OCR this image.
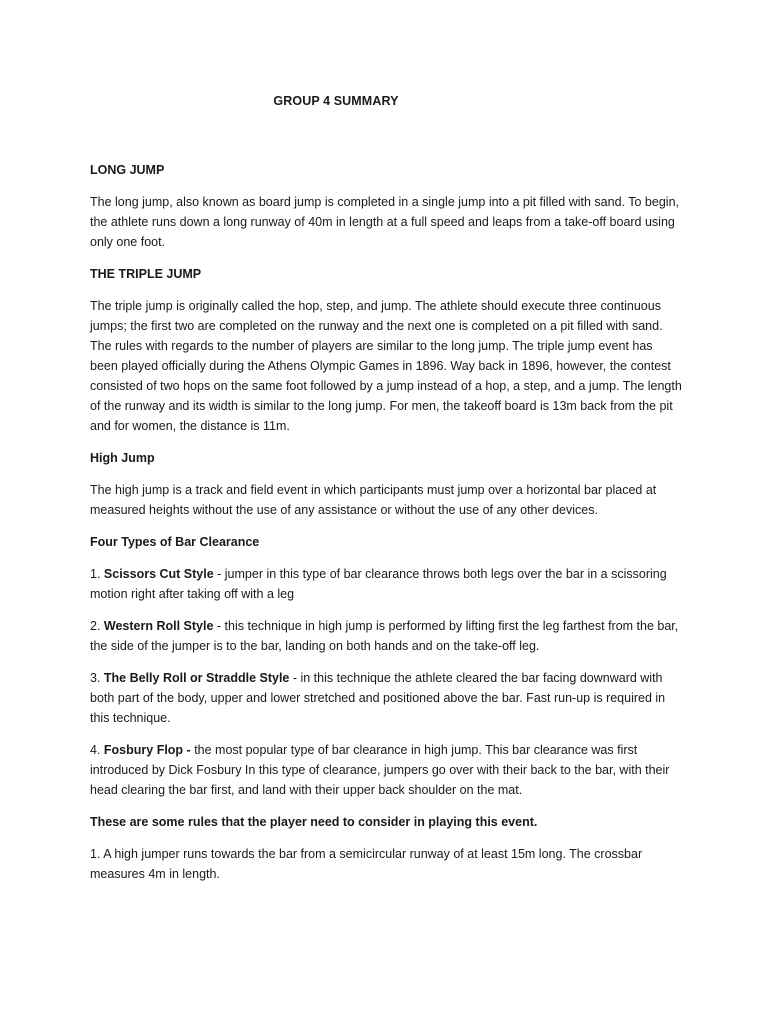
GROUP 4 SUMMARY
LONG JUMP
The long jump, also known as board jump is completed in a single jump into a pit filled with sand. To begin, the athlete runs down a long runway of 40m in length at a full speed and leaps from a take-off board using only one foot.
THE TRIPLE JUMP
The triple jump is originally called the hop, step, and jump. The athlete should execute three continuous jumps; the first two are completed on the runway and the next one is completed on a pit filled with sand. The rules with regards to the number of players are similar to the long jump. The triple jump event has been played officially during the Athens Olympic Games in 1896. Way back in 1896, however, the contest consisted of two hops on the same foot followed by a jump instead of a hop, a step, and a jump. The length of the runway and its width is similar to the long jump. For men, the takeoff board is 13m back from the pit and for women, the distance is 11m.
High Jump
The high jump is a track and field event in which participants must jump over a horizontal bar placed at measured heights without the use of any assistance or without the use of any other devices.
Four Types of Bar Clearance
1. Scissors Cut Style - jumper in this type of bar clearance throws both legs over the bar in a scissoring motion right after taking off with a leg
2. Western Roll Style - this technique in high jump is performed by lifting first the leg farthest from the bar, the side of the jumper is to the bar, landing on both hands and on the take-off leg.
3. The Belly Roll or Straddle Style - in this technique the athlete cleared the bar facing downward with both part of the body, upper and lower stretched and positioned above the bar. Fast run-up is required in this technique.
4. Fosbury Flop - the most popular type of bar clearance in high jump. This bar clearance was first introduced by Dick Fosbury In this type of clearance, jumpers go over with their back to the bar, with their head clearing the bar first, and land with their upper back shoulder on the mat.
These are some rules that the player need to consider in playing this event.
1. A high jumper runs towards the bar from a semicircular runway of at least 15m long. The crossbar measures 4m in length.
